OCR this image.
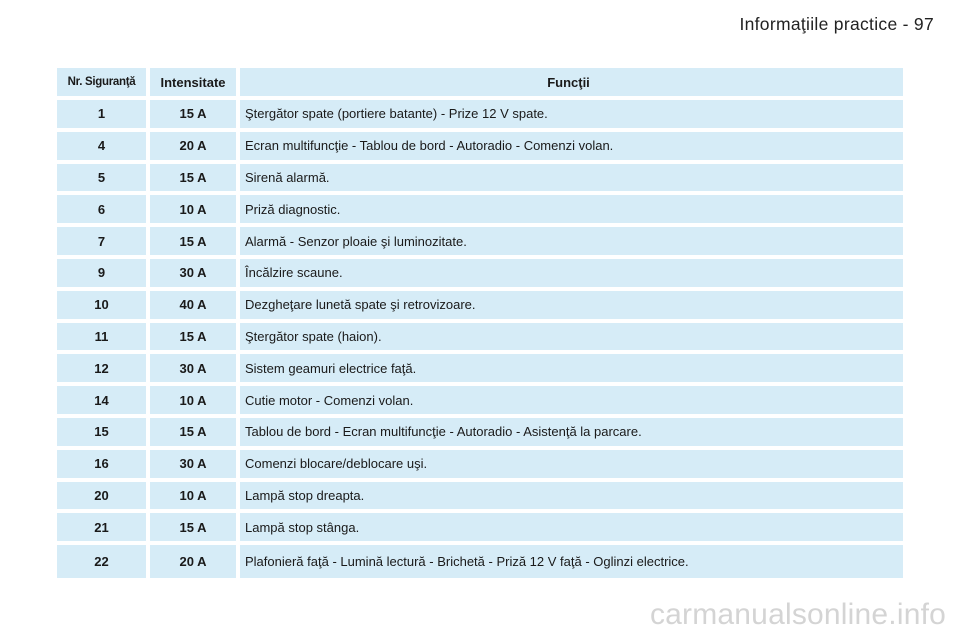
Informaţiile practice - 97
Nr. Siguranţă	Intensitate	Funcţii
1	15 A	Ştergător spate (portiere batante) - Prize 12 V spate.
4	20 A	Ecran multifuncţie - Tablou de bord - Autoradio - Comenzi volan.
5	15 A	Sirenă alarmă.
6	10 A	Priză diagnostic.
7	15 A	Alarmă - Senzor ploaie şi luminozitate.
9	30 A	Încălzire scaune.
10	40 A	Dezgheţare lunetă spate şi retrovizoare.
11	15 A	Ştergător spate (haion).
12	30 A	Sistem geamuri electrice faţă.
14	10 A	Cutie motor - Comenzi volan.
15	15 A	Tablou de bord - Ecran multifuncţie - Autoradio - Asistenţă la parcare.
16	30 A	Comenzi blocare/deblocare uşi.
20	10 A	Lampă stop dreapta.
21	15 A	Lampă stop stânga.
22	20 A	Plafonieră faţă - Lumină lectură - Brichetă - Priză 12 V faţă - Oglinzi electrice.
carmanualsonline.info
